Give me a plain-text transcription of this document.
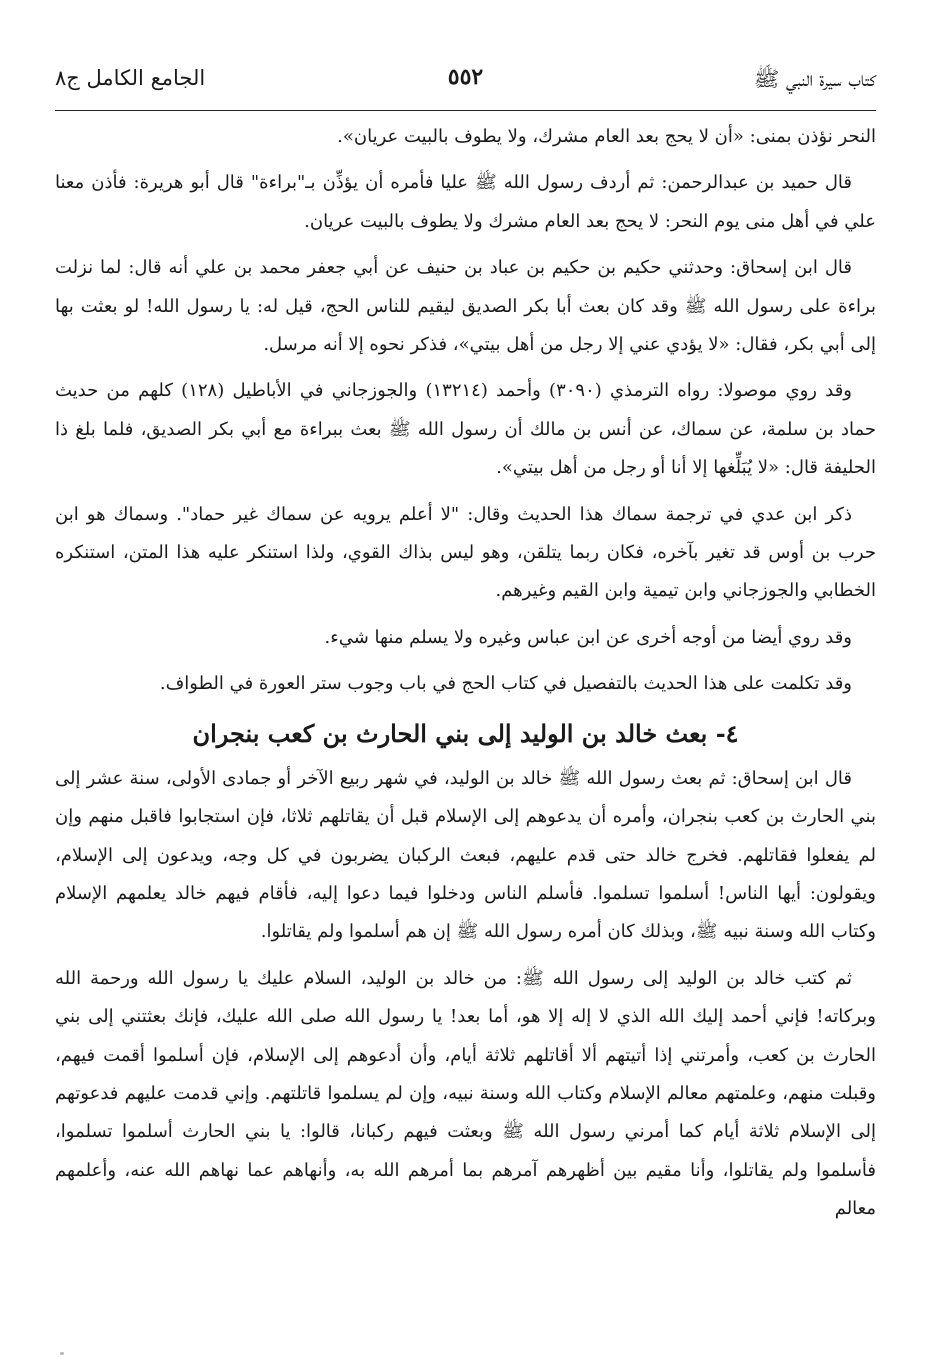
كتاب سيرة النبي ﷺ
٥٥٢
الجامع الكامل ج٨

النحر نؤذن بمنى: «أن لا يحج بعد العام مشرك، ولا يطوف بالبيت عريان».

قال حميد بن عبدالرحمن: ثم أردف رسول الله ﷺ عليا فأمره أن يؤذِّن بـ"براءة" قال أبو هريرة: فأذن معنا علي في أهل منى يوم النحر: لا يحج بعد العام مشرك ولا يطوف بالبيت عريان.

قال ابن إسحاق: وحدثني حكيم بن حكيم بن عباد بن حنيف عن أبي جعفر محمد بن علي أنه قال: لما نزلت براءة على رسول الله ﷺ وقد كان بعث أبا بكر الصديق ليقيم للناس الحج، قيل له: يا رسول الله! لو بعثت بها إلى أبي بكر، فقال: «لا يؤدي عني إلا رجل من أهل بيتي»، فذكر نحوه إلا أنه مرسل.

وقد روي موصولا: رواه الترمذي (٣٠٩٠) وأحمد (١٣٢١٤) والجوزجاني في الأباطيل (١٢٨) كلهم من حديث حماد بن سلمة، عن سماك، عن أنس بن مالك أن رسول الله ﷺ بعث ببراءة مع أبي بكر الصديق، فلما بلغ ذا الحليفة قال: «لا يُبَلِّغها إلا أنا أو رجل من أهل بيتي».

ذكر ابن عدي في ترجمة سماك هذا الحديث وقال: "لا أعلم يرويه عن سماك غير حماد". وسماك هو ابن حرب بن أوس قد تغير بآخره، فكان ربما يتلقن، وهو ليس بذاك القوي، ولذا استنكر عليه هذا المتن، استنكره الخطابي والجوزجاني وابن تيمية وابن القيم وغيرهم.

وقد روي أيضا من أوجه أخرى عن ابن عباس وغيره ولا يسلم منها شيء.

وقد تكلمت على هذا الحديث بالتفصيل في كتاب الحج في باب وجوب ستر العورة في الطواف.

٤- بعث خالد بن الوليد إلى بني الحارث بن كعب بنجران

قال ابن إسحاق: ثم بعث رسول الله ﷺ خالد بن الوليد، في شهر ربيع الآخر أو جمادى الأولى، سنة عشر إلى بني الحارث بن كعب بنجران، وأمره أن يدعوهم إلى الإسلام قبل أن يقاتلهم ثلاثا، فإن استجابوا فاقبل منهم وإن لم يفعلوا فقاتلهم. فخرج خالد حتى قدم عليهم، فبعث الركبان يضربون في كل وجه، ويدعون إلى الإسلام، ويقولون: أيها الناس! أسلموا تسلموا. فأسلم الناس ودخلوا فيما دعوا إليه، فأقام فيهم خالد يعلمهم الإسلام وكتاب الله وسنة نبيه ﷺ، وبذلك كان أمره رسول الله ﷺ إن هم أسلموا ولم يقاتلوا.

ثم كتب خالد بن الوليد إلى رسول الله ﷺ: من خالد بن الوليد، السلام عليك يا رسول الله ورحمة الله وبركاته! فإني أحمد إليك الله الذي لا إله إلا هو، أما بعد! يا رسول الله صلى الله عليك، فإنك بعثتني إلى بني الحارث بن كعب، وأمرتني إذا أتيتهم ألا أقاتلهم ثلاثة أيام، وأن أدعوهم إلى الإسلام، فإن أسلموا أقمت فيهم، وقبلت منهم، وعلمتهم معالم الإسلام وكتاب الله وسنة نبيه، وإن لم يسلموا قاتلتهم. وإني قدمت عليهم فدعوتهم إلى الإسلام ثلاثة أيام كما أمرني رسول الله ﷺ وبعثت فيهم ركبانا، قالوا: يا بني الحارث أسلموا تسلموا، فأسلموا ولم يقاتلوا، وأنا مقيم بين أظهرهم آمرهم بما أمرهم الله به، وأنهاهم عما نهاهم الله عنه، وأعلمهم معالم
